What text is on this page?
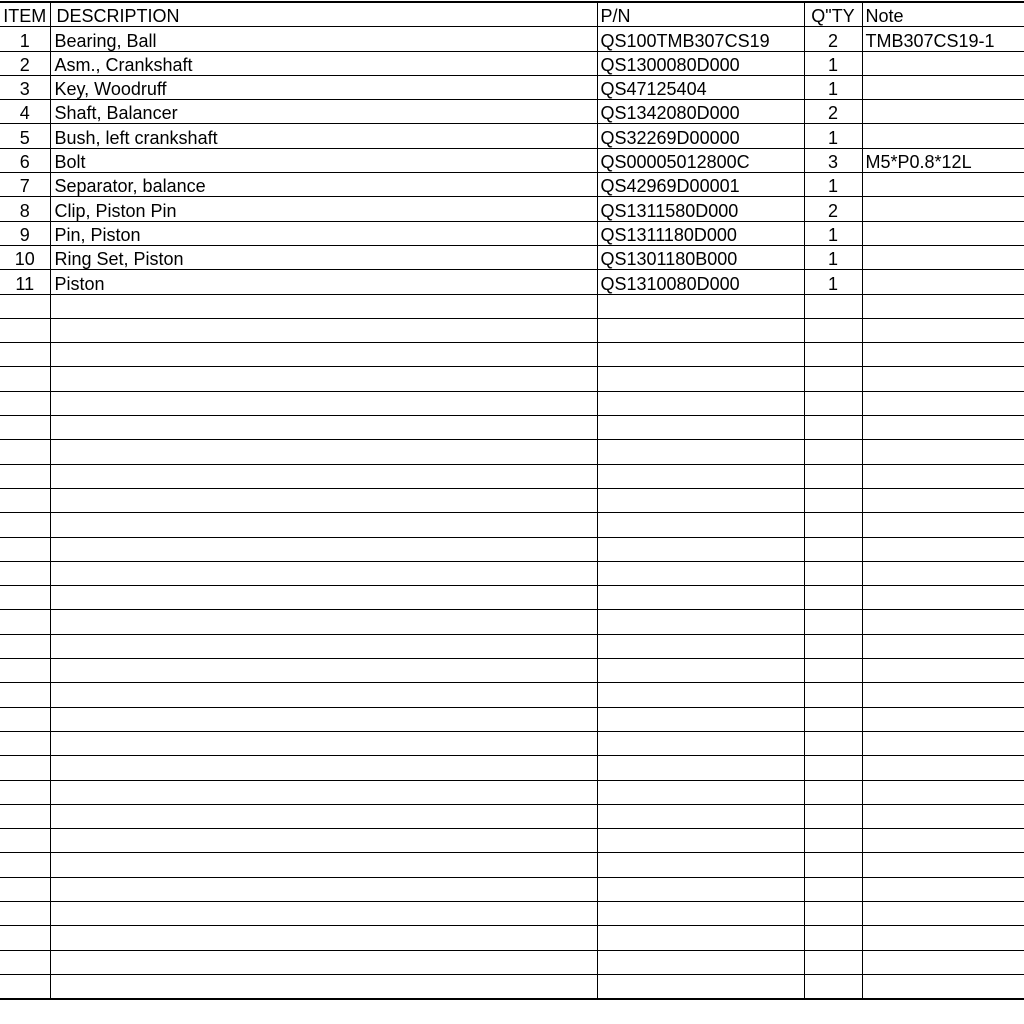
ITEM	DESCRIPTION	P/N	Q"TY	Note
1	Bearing, Ball	QS100TMB307CS19	2	TMB307CS19-1
2	Asm., Crankshaft	QS1300080D000	1	
3	Key, Woodruff	QS47125404	1	
4	Shaft, Balancer	QS1342080D000	2	
5	Bush, left crankshaft	QS32269D00000	1	
6	Bolt	QS00005012800C	3	M5*P0.8*12L
7	Separator, balance	QS42969D00001	1	
8	Clip, Piston Pin	QS1311580D000	2	
9	Pin, Piston	QS1311180D000	1	
10	Ring Set, Piston	QS1301180B000	1	
11	Piston	QS1310080D000	1	
